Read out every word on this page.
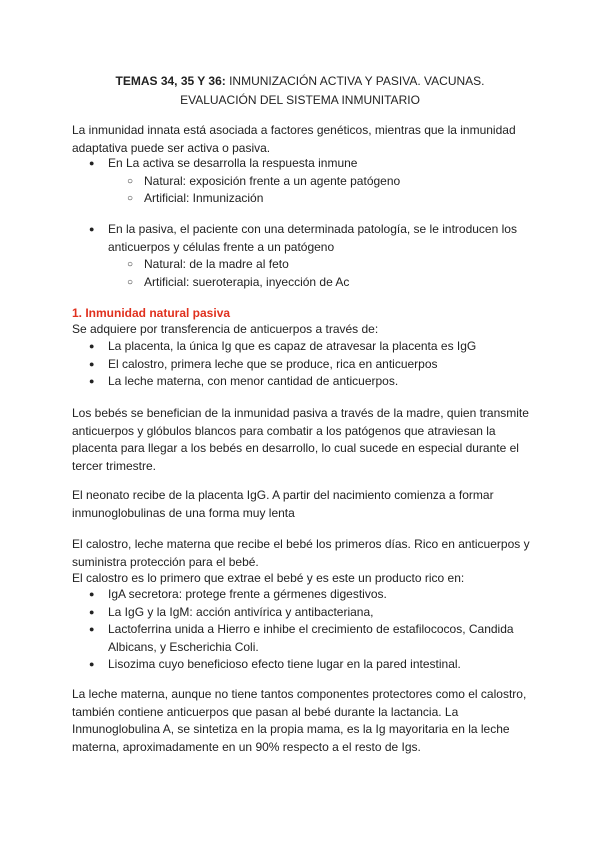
TEMAS 34, 35 Y 36: INMUNIZACIÓN ACTIVA Y PASIVA. VACUNAS.
EVALUACIÓN DEL SISTEMA INMUNITARIO
La inmunidad innata está asociada a factores genéticos, mientras que la inmunidad adaptativa puede ser activa o pasiva.
● En La activa se desarrolla la respuesta inmune
○ Natural: exposición frente a un agente patógeno
○ Artificial: Inmunización
● En la pasiva, el paciente con una determinada patología, se le introducen los anticuerpos y células frente a un patógeno
○ Natural: de la madre al feto
○ Artificial: sueroterapia, inyección de Ac
1. Inmunidad natural pasiva
Se adquiere por transferencia de anticuerpos a través de:
● La placenta, la única Ig que es capaz de atravesar la placenta es IgG
● El calostro, primera leche que se produce, rica en anticuerpos
● La leche materna, con menor cantidad de anticuerpos.
Los bebés se benefician de la inmunidad pasiva a través de la madre, quien transmite anticuerpos y glóbulos blancos para combatir a los patógenos que atraviesan la placenta para llegar a los bebés en desarrollo, lo cual sucede en especial durante el tercer trimestre.
El neonato recibe de la placenta IgG. A partir del nacimiento comienza a formar inmunoglobulinas de una forma muy lenta
El calostro, leche materna que recibe el bebé los primeros días. Rico en anticuerpos y suministra protección para el bebé.
El calostro es lo primero que extrae el bebé y es este un producto rico en:
● IgA secretora: protege frente a gérmenes digestivos.
● La IgG y la IgM: acción antivírica y antibacteriana,
● Lactoferrina unida a Hierro e inhibe el crecimiento de estafilococos, Candida Albicans, y Escherichia Coli.
● Lisozima cuyo beneficioso efecto tiene lugar en la pared intestinal.
La leche materna, aunque no tiene tantos componentes protectores como el calostro, también contiene anticuerpos que pasan al bebé durante la lactancia. La Inmunoglobulina A, se sintetiza en la propia mama, es la Ig mayoritaria en la leche materna, aproximadamente en un 90% respecto a el resto de Igs.
